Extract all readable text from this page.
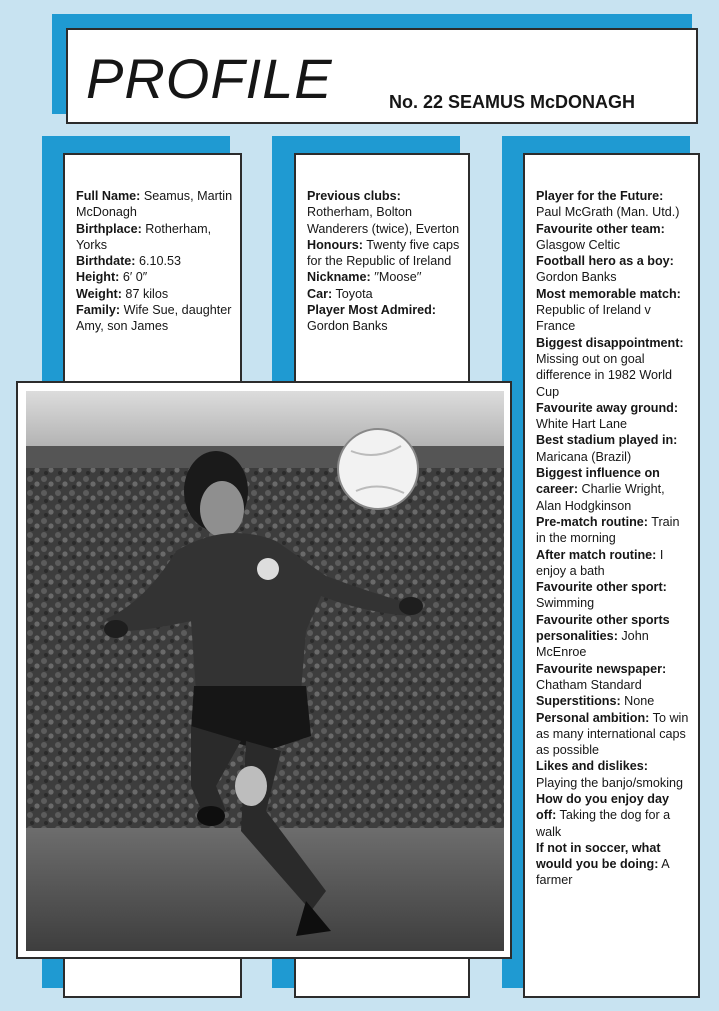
PROFILE	No. 22 SEAMUS McDONAGH

Full Name: Seamus, Martin McDonagh

Birthplace: Rotherham, Yorks

Birthdate: 6.10.53

Height: 6′ 0″

Weight: 87 kilos

Family: Wife Sue, daughter Amy, son James

Previous clubs: Rotherham, Bolton Wanderers (twice), Everton

Honours: Twenty five caps for the Republic of Ireland

Nickname: ′′Moose′′

Car: Toyota

Player Most Admired: Gordon Banks

Player for the Future: Paul McGrath (Man. Utd.)

Favourite other team: Glasgow Celtic

Football hero as a boy: Gordon Banks

Most memorable match: Republic of Ireland v France

Biggest disappointment: Missing out on goal difference in 1982 World Cup

Favourite away ground: White Hart Lane

Best stadium played in: Maricana (Brazil)

Biggest influence on career: Charlie Wright, Alan Hodgkinson

Pre-match routine: Train in the morning

After match routine: I enjoy a bath

Favourite other sport: Swimming

Favourite other sports personalities: John McEnroe

Favourite newspaper: Chatham Standard

Superstitions: None

Personal ambition: To win as many international caps as possible

Likes and dislikes: Playing the banjo/smoking

How do you enjoy day off: Taking the dog for a walk

If not in soccer, what would you be doing: A farmer
